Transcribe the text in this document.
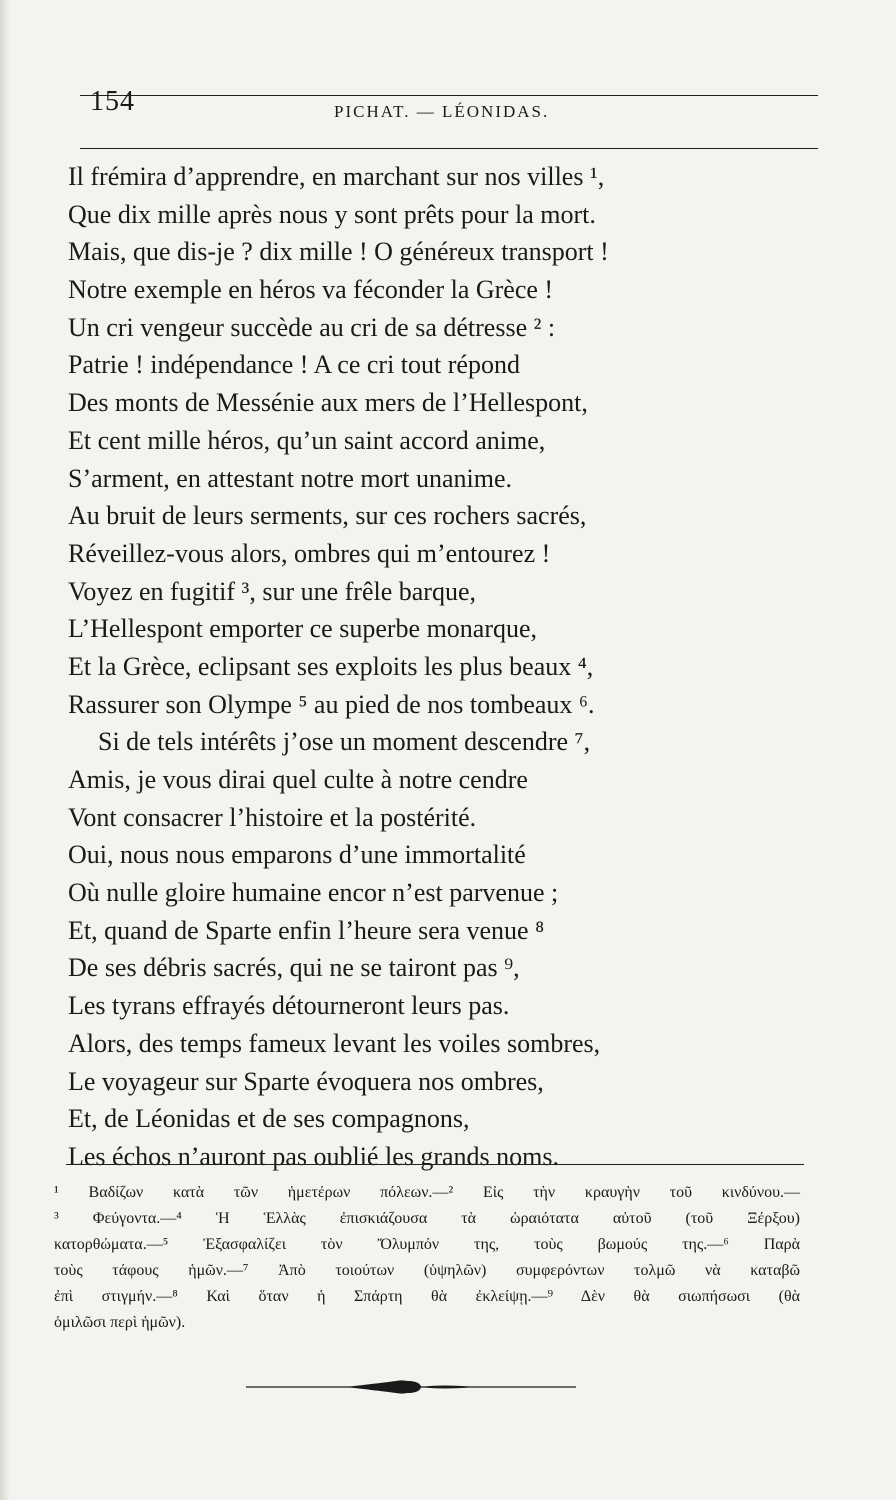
154	PICHAT. — LÉONIDAS.
Il frémira d’apprendre, en marchant sur nos villes ¹,
Que dix mille après nous y sont prêts pour la mort.
Mais, que dis-je ? dix mille ! O généreux transport !
Notre exemple en héros va féconder la Grèce !
Un cri vengeur succède au cri de sa détresse ² :
Patrie ! indépendance ! A ce cri tout répond
Des monts de Messénie aux mers de l’Hellespont,
Et cent mille héros, qu’un saint accord anime,
S’arment, en attestant notre mort unanime.
Au bruit de leurs serments, sur ces rochers sacrés,
Réveillez-vous alors, ombres qui m’entourez !
Voyez en fugitif ³, sur une frêle barque,
L’Hellespont emporter ce superbe monarque,
Et la Grèce, eclipsant ses exploits les plus beaux ⁴,
Rassurer son Olympe ⁵ au pied de nos tombeaux ⁶.
Si de tels intérêts j’ose un moment descendre ⁷,
Amis, je vous dirai quel culte à notre cendre
Vont consacrer l’histoire et la postérité.
Oui, nous nous emparons d’une immortalité
Où nulle gloire humaine encor n’est parvenue ;
Et, quand de Sparte enfin l’heure sera venue ⁸
De ses débris sacrés, qui ne se tairont pas ⁹,
Les tyrans effrayés détourneront leurs pas.
Alors, des temps fameux levant les voiles sombres,
Le voyageur sur Sparte évoquera nos ombres,
Et, de Léonidas et de ses compagnons,
Les échos n’auront pas oublié les grands noms.
¹ Βαδίζων κατὰ τῶν ἡμετέρων πόλεων.—² Εἰς τὴν κραυγὴν τοῦ κινδύνου.—
³ Φεύγοντα.—⁴ Ἡ Ἑλλὰς ἐπισκιάζουσα τὰ ὡραιότατα αὐτοῦ (τοῦ Ξέρξου)
κατορθώματα.—⁵ Ἐξασφαλίζει τὸν Ὄλυμπόν της, τοὺς βωμούς της.—⁶ Παρὰ
τοὺς τάφους ἡμῶν.—⁷ Ἀπὸ τοιούτων (ὑψηλῶν) συμφερόντων τολμῶ νὰ καταβῶ
ἐπὶ στιγμήν.—⁸ Καὶ ὅταν ἡ Σπάρτη θὰ ἐκλείψῃ.—⁹ Δὲν θὰ σιωπήσωσι (θὰ
ὁμιλῶσι περὶ ἡμῶν).
